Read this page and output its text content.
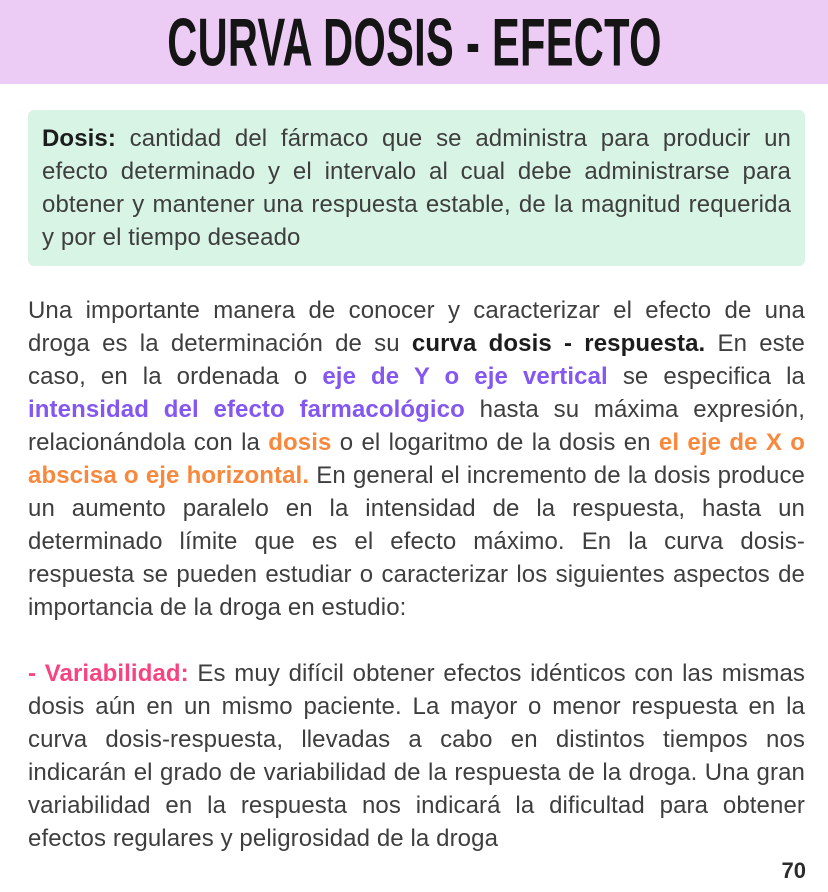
CURVA DOSIS - EFECTO

Dosis: cantidad del fármaco que se administra para producir un efecto determinado y el intervalo al cual debe administrarse para obtener y mantener una respuesta estable, de la magnitud requerida y por el tiempo deseado

Una importante manera de conocer y caracterizar el efecto de una droga es la determinación de su curva dosis - respuesta. En este caso, en la ordenada o eje de Y o eje vertical se especifica la intensidad del efecto farmacológico hasta su máxima expresión, relacionándola con la dosis o el logaritmo de la dosis en el eje de X o abscisa o eje horizontal. En general el incremento de la dosis produce un aumento paralelo en la intensidad de la respuesta, hasta un determinado límite que es el efecto máximo. En la curva dosis-respuesta se pueden estudiar o caracterizar los siguientes aspectos de importancia de la droga en estudio:

- Variabilidad: Es muy difícil obtener efectos idénticos con las mismas dosis aún en un mismo paciente. La mayor o menor respuesta en la curva dosis-respuesta, llevadas a cabo en distintos tiempos nos indicarán el grado de variabilidad de la respuesta de la droga. Una gran variabilidad en la respuesta nos indicará la dificultad para obtener efectos regulares y peligrosidad de la droga

70
